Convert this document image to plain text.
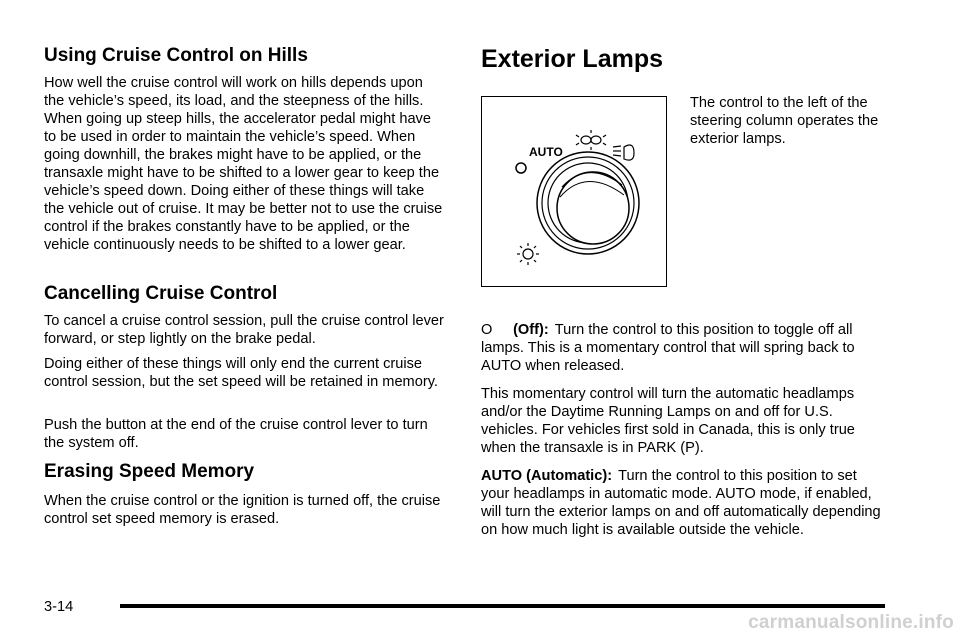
Using Cruise Control on Hills

How well the cruise control will work on hills depends upon the vehicle’s speed, its load, and the steepness of the hills. When going up steep hills, the accelerator pedal might have to be used in order to maintain the vehicle’s speed. When going downhill, the brakes might have to be applied, or the transaxle might have to be shifted to a lower gear to keep the vehicle’s speed down. Doing either of these things will take the vehicle out of cruise. It may be better not to use the cruise control if the brakes constantly have to be applied, or the vehicle continuously needs to be shifted to a lower gear.

Cancelling Cruise Control

To cancel a cruise control session, pull the cruise control lever forward, or step lightly on the brake pedal.

Doing either of these things will only end the current cruise control session, but the set speed will be retained in memory.

Push the button at the end of the cruise control lever to turn the system off.

Erasing Speed Memory

When the cruise control or the ignition is turned off, the cruise control set speed memory is erased.

Exterior Lamps
AUTO

The control to the left of the steering column operates the exterior lamps.

O (Off): Turn the control to this position to toggle off all lamps. This is a momentary control that will spring back to AUTO when released.

This momentary control will turn the automatic headlamps and/or the Daytime Running Lamps on and off for U.S. vehicles. For vehicles first sold in Canada, this is only true when the transaxle is in PARK (P).

AUTO (Automatic): Turn the control to this position to set your headlamps in automatic mode. AUTO mode, if enabled, will turn the exterior lamps on and off automatically depending on how much light is available outside the vehicle.

3-14
carmanualsonline.info
